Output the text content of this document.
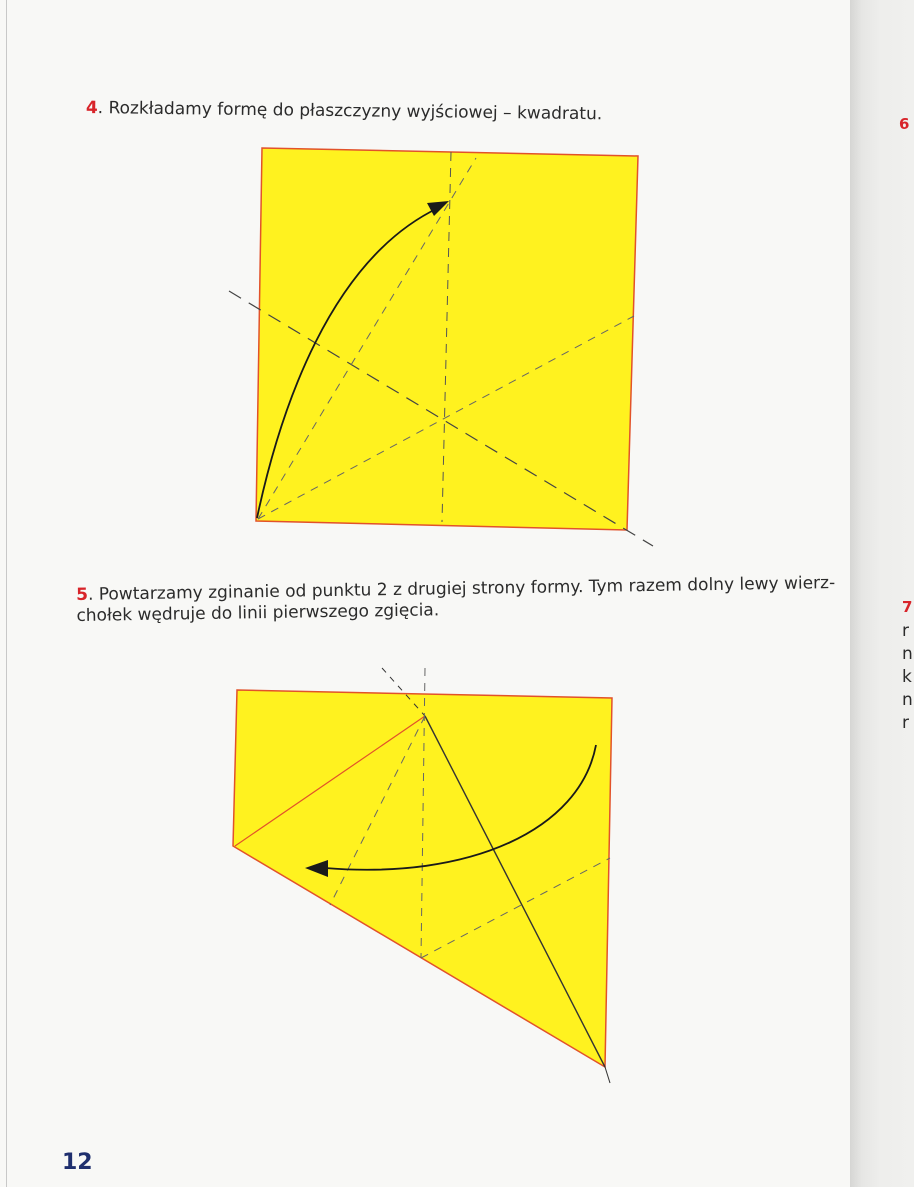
4. Rozkładamy formę do płaszczyzny wyjściowej – kwadratu.
5. Powtarzamy zginanie od punktu 2 z drugiej strony formy. Tym razem dolny lewy wierz-
chołek wędruje do linii pierwszego zgięcia.
12
6
7
r
n
k
n
r
